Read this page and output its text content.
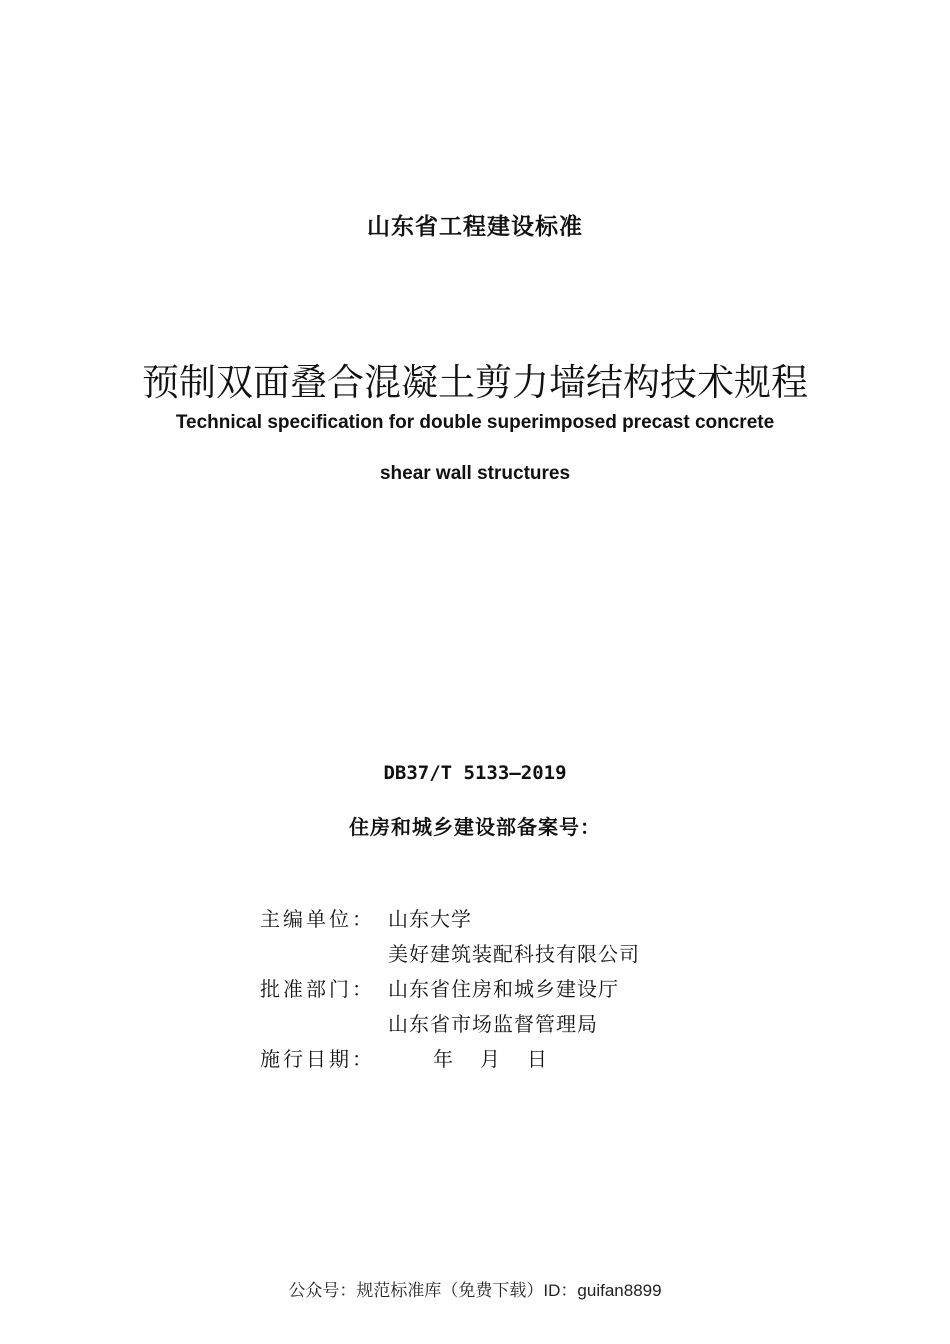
山东省工程建设标准
预制双面叠合混凝土剪力墙结构技术规程
Technical specification for double superimposed precast concrete
shear wall structures
DB37/T 5133—2019
住房和城乡建设部备案号：
主编单位： 山东大学
美好建筑装配科技有限公司
批准部门： 山东省住房和城乡建设厅
山东省市场监督管理局
施行日期：	年 月 日
公众号：规范标准库（免费下载）ID：guifan8899
